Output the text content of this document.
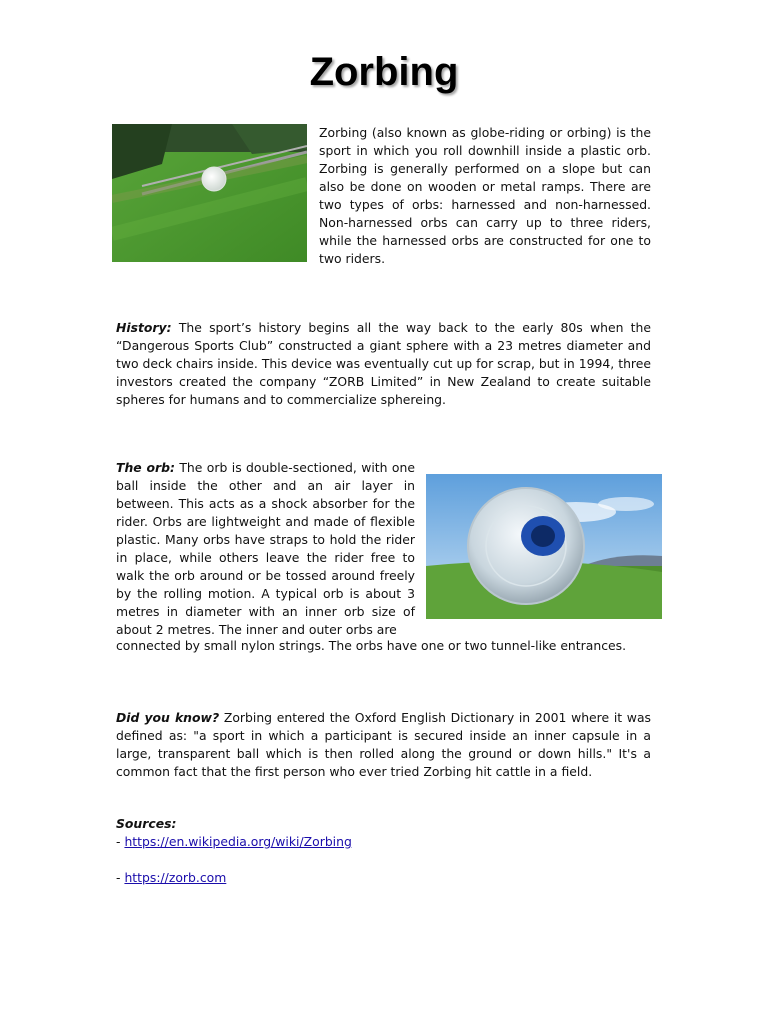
Zorbing

Zorbing (also known as globe-riding or orbing) is the sport in which you roll downhill inside a plastic orb. Zorbing is generally performed on a slope but can also be done on wooden or metal ramps. There are two types of orbs: harnessed and non-harnessed. Non-harnessed orbs can carry up to three riders, while the harnessed orbs are constructed for one to two riders.

History: The sport’s history begins all the way back to the early 80s when the “Dangerous Sports Club” constructed a giant sphere with a 23 metres diameter and two deck chairs inside. This device was eventually cut up for scrap, but in 1994, three investors created the company “ZORB Limited” in New Zealand to create suitable spheres for humans and to commercialize sphereing.

The orb: The orb is double-sectioned, with one ball inside the other and an air layer in between. This acts as a shock absorber for the rider. Orbs are lightweight and made of flexible plastic. Many orbs have straps to hold the rider in place, while others leave the rider free to walk the orb around or be tossed around freely by the rolling motion. A typical orb is about 3 metres in diameter with an inner orb size of about 2 metres. The inner and outer orbs are

connected by small nylon strings. The orbs have one or two tunnel-like entrances.

Did you know? Zorbing entered the Oxford English Dictionary in 2001 where it was defined as: "a sport in which a participant is secured inside an inner capsule in a large, transparent ball which is then rolled along the ground or down hills." It's a common fact that the first person who ever tried Zorbing hit cattle in a field.

Sources:
- https://en.wikipedia.org/wiki/Zorbing
- https://zorb.com
